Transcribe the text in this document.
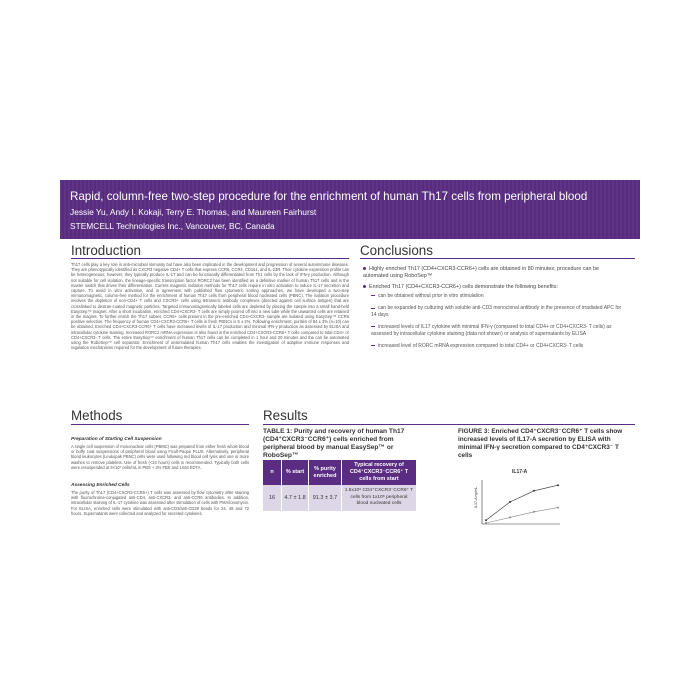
Rapid, column-free two-step procedure for the enrichment of human Th17 cells from peripheral blood
Jessie Yu, Andy I. Kokaji, Terry E. Thomas, and Maureen Fairhurst
STEMCELL Technologies Inc., Vancouver, BC, Canada
Introduction
Th17 cells play a key role in anti-microbial immunity but have also been implicated in the development and progression of several autoimmune diseases. They are phenotypically identified as CXCR3 negative CD4+ T cells that express CCR6, CCR4, CD161, and IL-23R. Their cytokine expression profile can be heterogeneous; however, they typically produce IL-17 and can be functionally differentiated from Th1 cells by the lack of IFN-γ production. Although not suitable for cell isolation, the lineage-specific transcription factor RORC2 has been identified as a definitive marker of human Th17 cells and is the master switch that drives their differentiation. Current magnetic isolation methods for Th17 cells require in vitro activation to induce IL-17 secretion and capture. To avoid in vitro activation, and in agreement with published flow cytometric sorting approaches, we have developed a two-step immunomagnetic, column-free method for the enrichment of human Th17 cells from peripheral blood nucleated cells (PBNC). The isolation procedure involves the depletion of non-CD4+ T cells and CXCR3+ cells using tetrameric antibody complexes (directed against cell surface antigen) that are crosslinked to dextran-coated magnetic particles. Targeted immunomagnetically labeled cells are depleted by placing the sample into a small hand-held EasySep™ magnet. After a short incubation, enriched CD4+CXCR3- T cells are simply poured off into a new tube while the unwanted cells are retained in the magnet. To further enrich the Th17 subset, CCR6+ cells present in the pre-enriched CD4+CXCR3- sample are isolated using EasySep™ CCR6 positive selection. The frequency of human CD4+CXCR3-CCR6+ T cells in fresh PBNCs is 5 ± 2%. Following enrichment, purities of 84 ± 3% (n=10) can be obtained. Enriched CD4+CXCR3-CCR6+ T cells have increased levels of IL-17 production and minimal IFN-γ production as assessed by ELISA and intracellular cytokine staining. Increased RORC2 mRNA expression is also found in the enriched CD4+CXCR3-CCR6+ T cells compared to total CD4+ or CD4+CXCR3- T cells. The entire EasySep™ enrichment of human Th17 cells can be completed in 1 hour and 20 minutes and the can be automated using the RoboSep™ cell separator. Enrichment of unstimulated human Th17 cells enables the investigation of adaptive immune responses and regulation mechanisms required for the development of future therapies.
Methods
Preparation of Starting Cell Suspension
A single cell suspension of mononuclear cells (PBMC) was prepared from either fresh whole blood or buffy coat suspensions of peripheral blood using Ficoll-Paque PLUS. Alternatively, peripheral blood leukocytes (Leukopak PBNC) cells were used following red blood cell lysis and one or more washes to remove platelets. Use of fresh (<24 hours) cells is recommended. Typically both cells were resuspended at 5×10⁷ cells/mL in PBS + 2% FBS and 1mM EDTA.
Assessing Enriched Cells
The purity of Th17 (CD4+CXCR3-CCR6+) T cells was assessed by flow cytometry after staining with fluorochrome-conjugated anti-CD4, anti-CXCR3, and anti-CCR6 antibodies. In addition, intracellular staining of IL-17 cytokine was assessed after stimulation of cells with PMA/ionomycin. For ELISA, enriched cells were stimulated with anti-CD3/anti-CD28 beads for 24, 48 and 72 hours. Supernatants were collected and analyzed for secreted cytokines.
Conclusions
Highly enriched Th17 (CD4+CXCR3-CCR6+) cells are obtained in 80 minutes; procedure can be automated using RoboSep™
Enriched Th17 (CD4+CXCR3-CCR6+) cells demonstrate the following benefits:
can be obtained without prior in vitro stimulation
can be expanded by culturing with soluble anti-CD3 monoclonal antibody in the presence of irradiated APC for 14 days
increased levels of IL17 cytokine with minimal IFN-γ (compared to total CD4+ or CD4+CXCR3- T cells) as assessed by intracellular cytokine staining (data not shown) or analysis of supernatants by ELISA
increased level of RORC mRNA expression compared to total CD4+ or CD4+CXCR3- T cells
Results
TABLE 1: Purity and recovery of human Th17 (CD4⁺CXCR3⁻CCR6⁺) cells enriched from peripheral blood by manual EasySep™ or RoboSep™
n	% start	% purity enriched	Typical recovery of CD4⁺CXCR3⁻CCR6⁺ T cells from start
16	4.7 ± 1.8	91.3 ± 3.7	1.5x10⁶ CD4⁺CXCR3⁻CCR6⁺ T cells from 1x10⁸ peripheral blood nucleated cells
FIGURE 3: Enriched CD4⁺CXCR3⁻CCR6⁺ T cells show increased levels of IL17-A secretion by ELISA with minimal IFN-γ secretion compared to CD4⁺CXCR3⁻ T cells
IL17-A
IL17-A ng/mL
